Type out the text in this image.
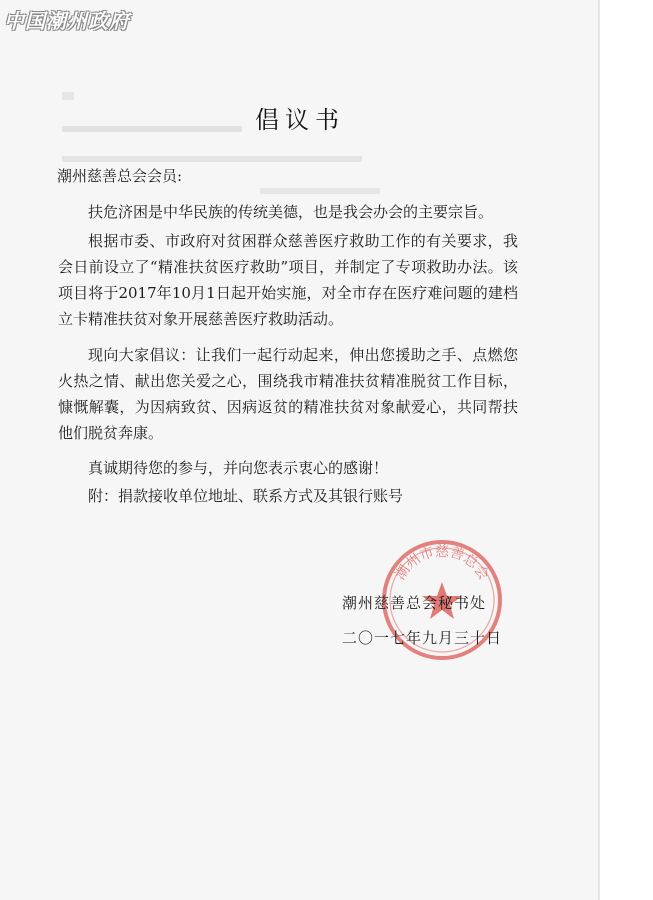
中国潮州政府
倡议书
潮州慈善总会会员:
扶危济困是中华民族的传统美德，也是我会办会的主要宗旨。
根据市委、市政府对贫困群众慈善医疗救助工作的有关要求，我会日前设立了“精准扶贫医疗救助”项目，并制定了专项救助办法。该项目将于2017年10月1日起开始实施，对全市存在医疗难问题的建档立卡精准扶贫对象开展慈善医疗救助活动。
现向大家倡议：让我们一起行动起来，伸出您援助之手、点燃您火热之情、献出您关爱之心，围绕我市精准扶贫精准脱贫工作目标，慷慨解囊，为因病致贫、因病返贫的精准扶贫对象献爱心，共同帮扶他们脱贫奔康。
真诚期待您的参与，并向您表示衷心的感谢！
附：捐款接收单位地址、联系方式及其银行账号
潮州市慈善总会
潮州慈善总会秘书处
二〇一七年九月三十日
